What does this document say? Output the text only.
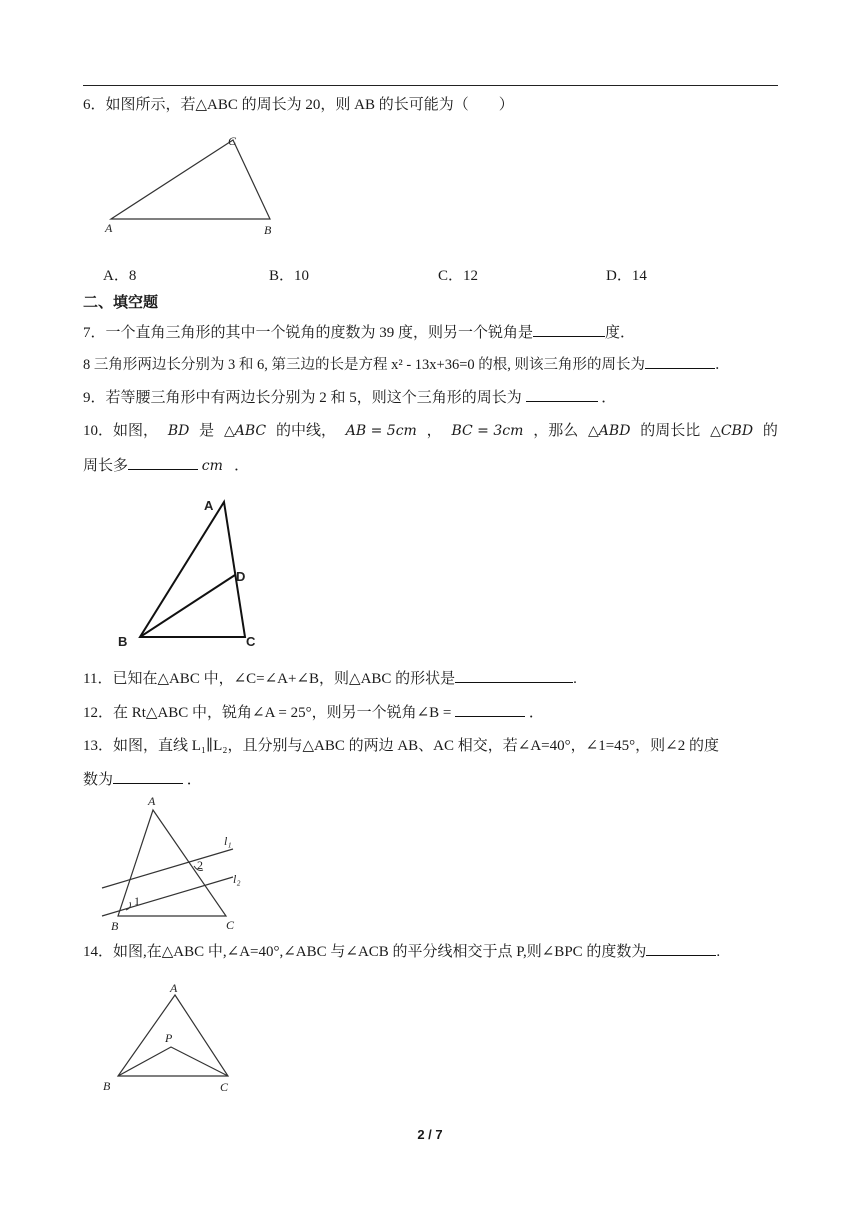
6．如图所示，若△ABC 的周长为 20，则 AB 的长可能为（　　）
A
C
B
A．8	B．10	C．12	D．14
二、填空题
7．一个直角三角形的其中一个锐角的度数为 39 度，则另一个锐角是	度．
8 三角形两边长分别为 3 和 6, 第三边的长是方程 x² - 13x+36=0 的根, 则该三角形的周长为	．
9．若等腰三角形中有两边长分别为 2 和 5，则这个三角形的周长为	．
10．如图， BD 是 △ABC 的中线， AB = 5cm ， BC = 3cm ，那么 △ABD 的周长比 △CBD 的
周长多	cm ．
A
D
B	C
11．已知在△ABC 中，∠C=∠A+∠B，则△ABC 的形状是	.
12．在 Rt△ABC 中，锐角∠A = 25°，则另一个锐角∠B =	．
13．如图，直线 L₁∥L₂，且分别与△ABC 的两边 AB、AC 相交，若∠A=40°，∠1=45°，则∠2 的度
数为	．
A
B	C
l₁
l₂
1
2
14．如图,在△ABC 中,∠A=40°,∠ABC 与∠ACB 的平分线相交于点 P,则∠BPC 的度数为	.
A
P
B	C
2 / 7
